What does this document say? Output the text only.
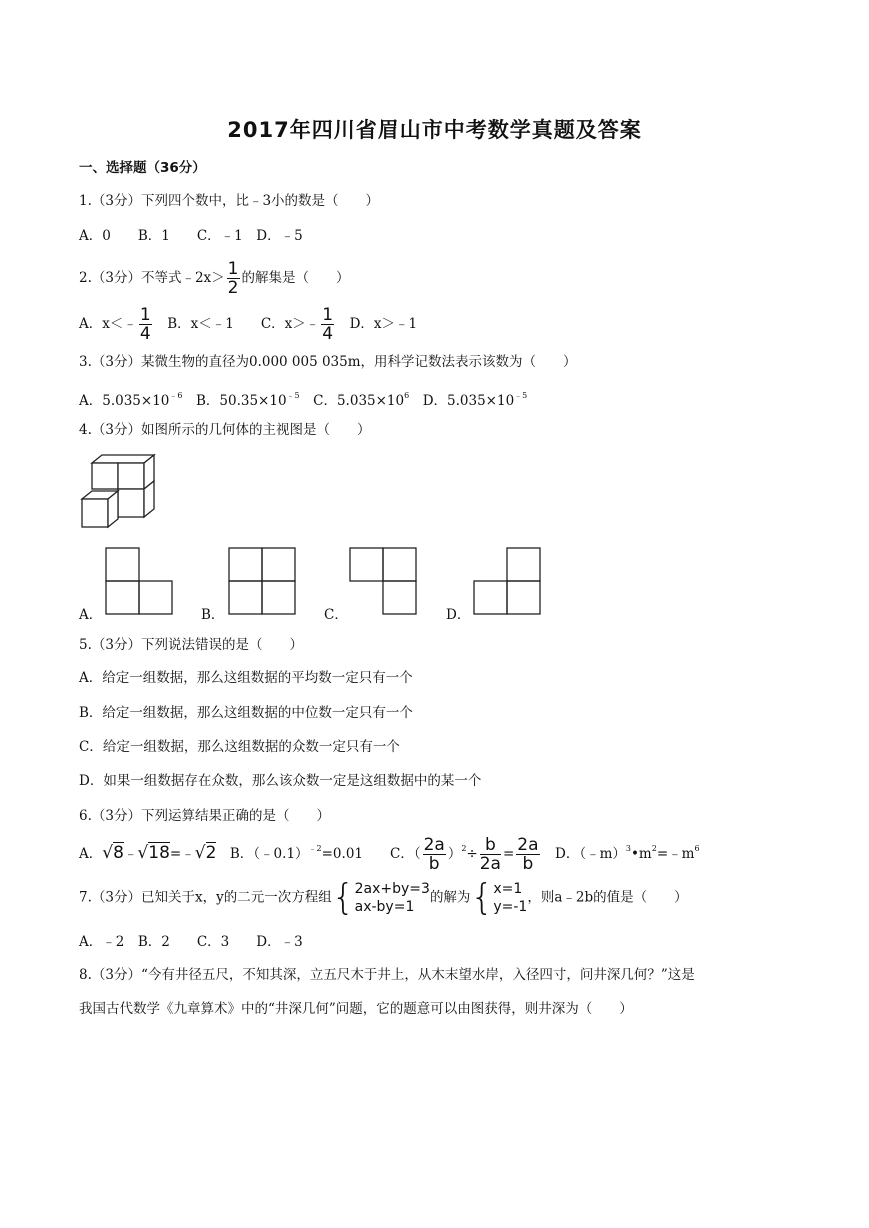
2017年四川省眉山市中考数学真题及答案
一、选择题（36分）
1.（3分）下列四个数中，比﹣3小的数是（　　）
A．0　　B．1　　C．﹣1　D．﹣5
2.（3分）不等式﹣2x＞ $\frac{1}{2}$ 的解集是（　　）
A．x＜﹣ $\frac{1}{4}$ 　B．x＜﹣1　　C．x＞﹣ $\frac{1}{4}$ 　D．x＞﹣1
3.（3分）某微生物的直径为0.000 005 035m，用科学记数法表示该数为（　　）
A．$5.035\times 10^{﹣6}$　B．$50.35\times 10^{﹣5}$　C．$5.035\times 10^6$　D．$5.035\times 10^{﹣5}$
4.（3分）如图所示的几何体的主视图是（　　）
A．	B．	C．	D．
5.（3分）下列说法错误的是（　　）
A．给定一组数据，那么这组数据的平均数一定只有一个
B．给定一组数据，那么这组数据的中位数一定只有一个
C．给定一组数据，那么这组数据的众数一定只有一个
D．如果一组数据存在众数，那么该众数一定是这组数据中的某一个
6.（3分）下列运算结果正确的是（　　）
A．√8﹣√18=﹣√2　B．（﹣0.1）$^{﹣2}$=0.01　　C．（ $\frac{2a}{b} )^2\div \frac{b}{2a} = \frac{2a}{b}$ 　D．$(﹣m)^3•m^2=﹣m^6$
7.（3分）已知关于x，y的二元一次方程组{2ax+by=3
ax-by=1的解为{x=1
y=-1，则a﹣2b的值是（　　）
A．﹣2　B．2　　C．3　　D．﹣3
8.（3分）“今有井径五尺，不知其深，立五尺木于井上，从木末望水岸，入径四寸，问井深几何？”这是
我国古代数学《九章算术》中的“井深几何”问题，它的题意可以由图获得，则井深为（　　）
